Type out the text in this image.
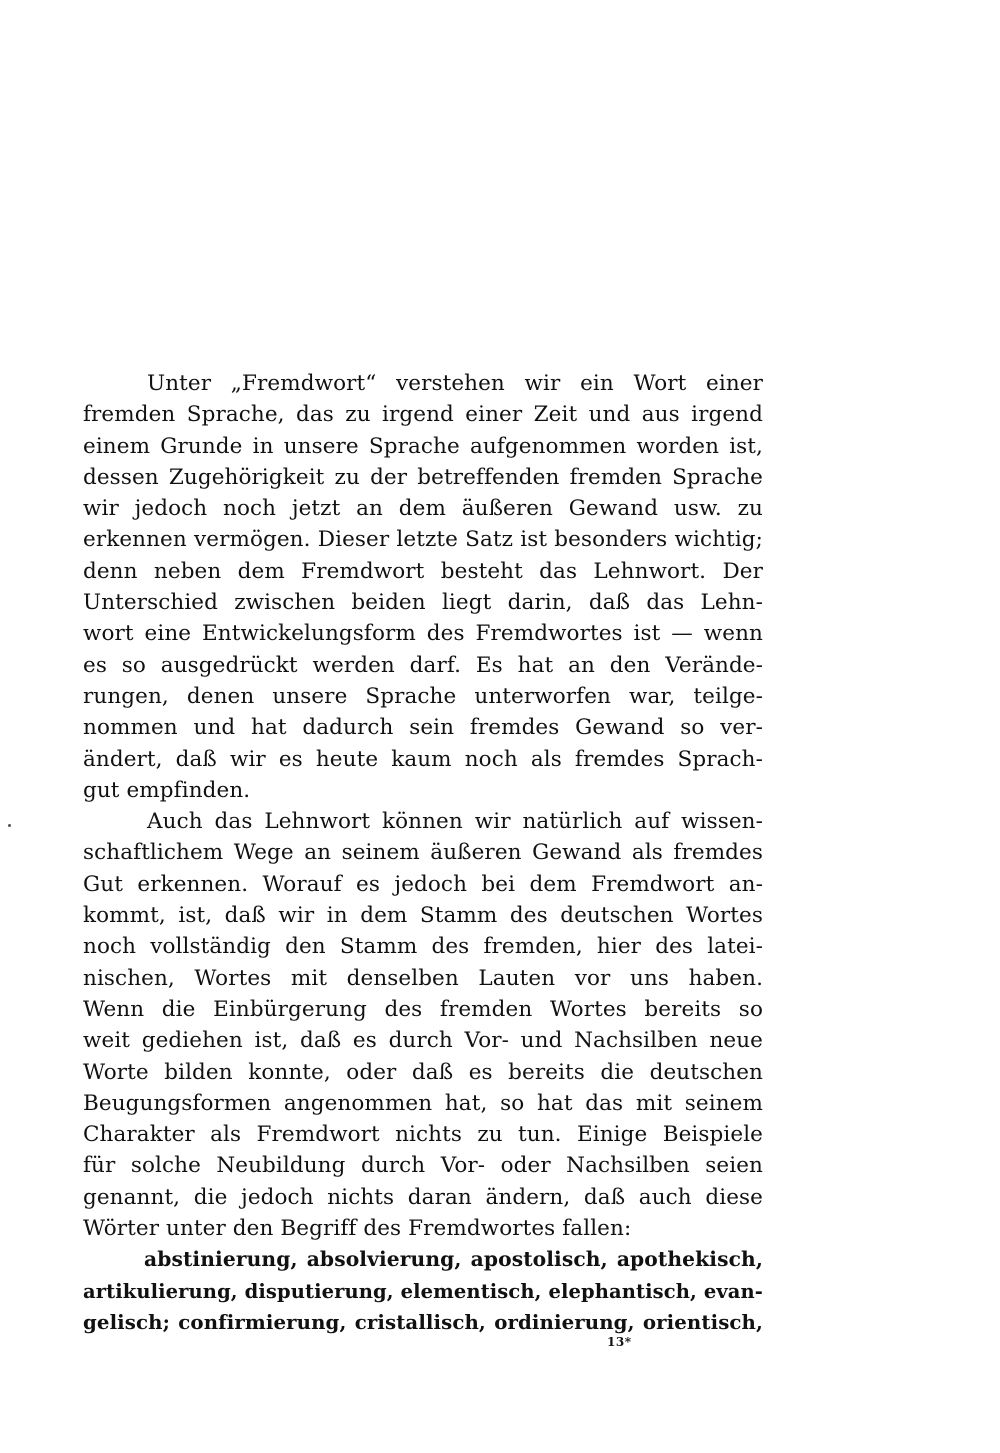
Unter „Fremdwort“ verstehen wir ein Wort einer
fremden Sprache, das zu irgend einer Zeit und aus irgend
einem Grunde in unsere Sprache aufgenommen worden ist,
dessen Zugehörigkeit zu der betreffenden fremden Sprache
wir jedoch noch jetzt an dem äußeren Gewand usw. zu
erkennen vermögen. Dieser letzte Satz ist besonders wichtig;
denn neben dem Fremdwort besteht das Lehnwort. Der
Unterschied zwischen beiden liegt darin, daß das Lehn-
wort eine Entwickelungsform des Fremdwortes ist — wenn
es so ausgedrückt werden darf. Es hat an den Verände-
rungen, denen unsere Sprache unterworfen war, teilge-
nommen und hat dadurch sein fremdes Gewand so ver-
ändert, daß wir es heute kaum noch als fremdes Sprach-
gut empfinden.
Auch das Lehnwort können wir natürlich auf wissen-
schaftlichem Wege an seinem äußeren Gewand als fremdes
Gut erkennen. Worauf es jedoch bei dem Fremdwort an-
kommt, ist, daß wir in dem Stamm des deutschen Wortes
noch vollständig den Stamm des fremden, hier des latei-
nischen, Wortes mit denselben Lauten vor uns haben.
Wenn die Einbürgerung des fremden Wortes bereits so
weit gediehen ist, daß es durch Vor- und Nachsilben neue
Worte bilden konnte, oder daß es bereits die deutschen
Beugungsformen angenommen hat, so hat das mit seinem
Charakter als Fremdwort nichts zu tun. Einige Beispiele
für solche Neubildung durch Vor- oder Nachsilben seien
genannt, die jedoch nichts daran ändern, daß auch diese
Wörter unter den Begriff des Fremdwortes fallen:
abstinierung, absolvierung, apostolisch, apothekisch,
artikulierung, disputierung, elementisch, elephantisch, evan-
gelisch; confirmierung, cristallisch, ordinierung, orientisch,
13*
